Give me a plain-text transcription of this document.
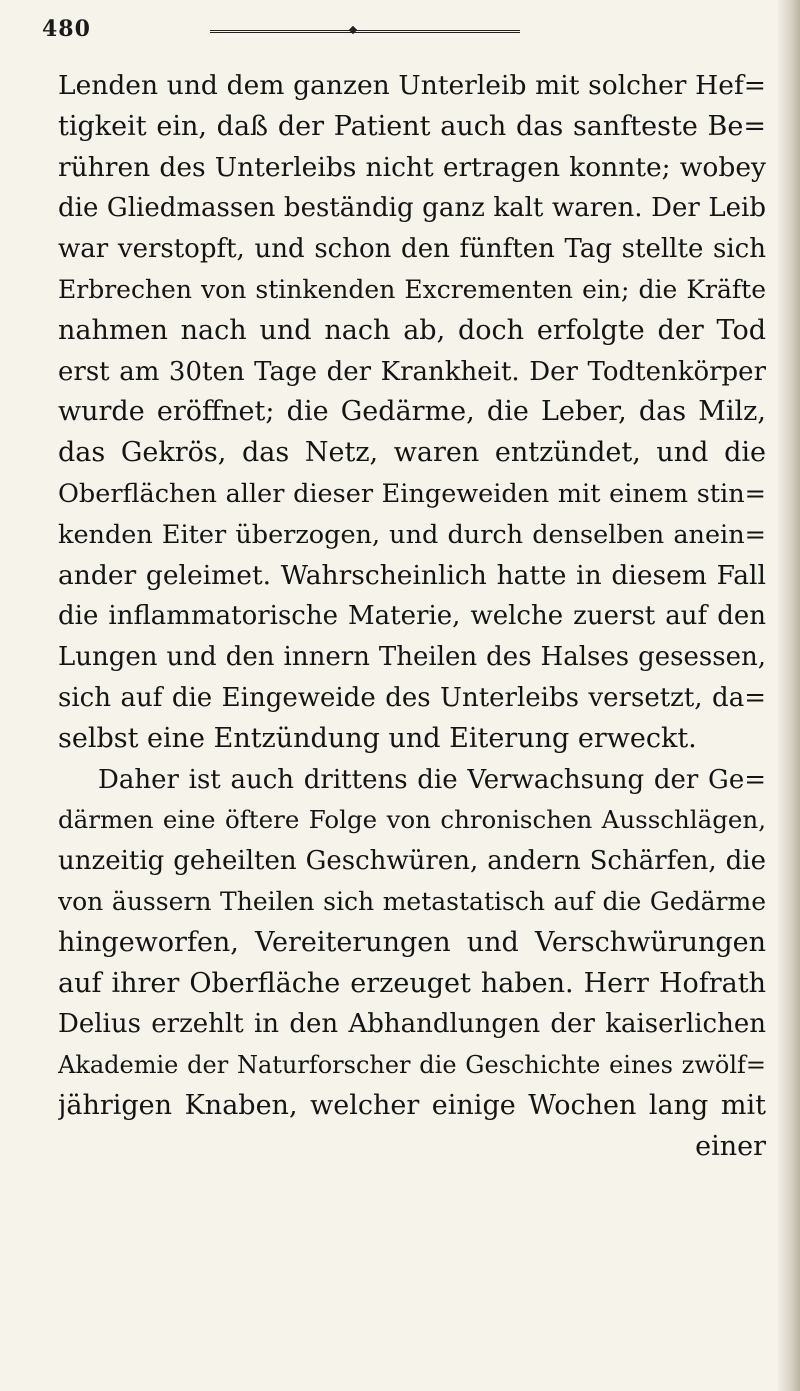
480
Lenden und dem ganzen Unterleib mit solcher Hef=
tigkeit ein, daß der Patient auch das sanfteste Be=
rühren des Unterleibs nicht ertragen konnte; wobey
die Gliedmassen beständig ganz kalt waren. Der Leib
war verstopft, und schon den fünften Tag stellte sich
Erbrechen von stinkenden Excrementen ein; die Kräfte
nahmen nach und nach ab, doch erfolgte der Tod
erst am 30ten Tage der Krankheit. Der Todtenkörper
wurde eröffnet; die Gedärme, die Leber, das Milz,
das Gekrös, das Netz, waren entzündet, und die
Oberflächen aller dieser Eingeweiden mit einem stin=
kenden Eiter überzogen, und durch denselben anein=
ander geleimet. Wahrscheinlich hatte in diesem Fall
die inflammatorische Materie, welche zuerst auf den
Lungen und den innern Theilen des Halses gesessen,
sich auf die Eingeweide des Unterleibs versetzt, da=
selbst eine Entzündung und Eiterung erweckt.
Daher ist auch drittens die Verwachsung der Ge=
därmen eine öftere Folge von chronischen Ausschlägen,
unzeitig geheilten Geschwüren, andern Schärfen, die
von äussern Theilen sich metastatisch auf die Gedärme
hingeworfen, Vereiterungen und Verschwürungen
auf ihrer Oberfläche erzeuget haben. Herr Hofrath
Delius erzehlt in den Abhandlungen der kaiserlichen
Akademie der Naturforscher die Geschichte eines zwölf=
jährigen Knaben, welcher einige Wochen lang mit
einer
